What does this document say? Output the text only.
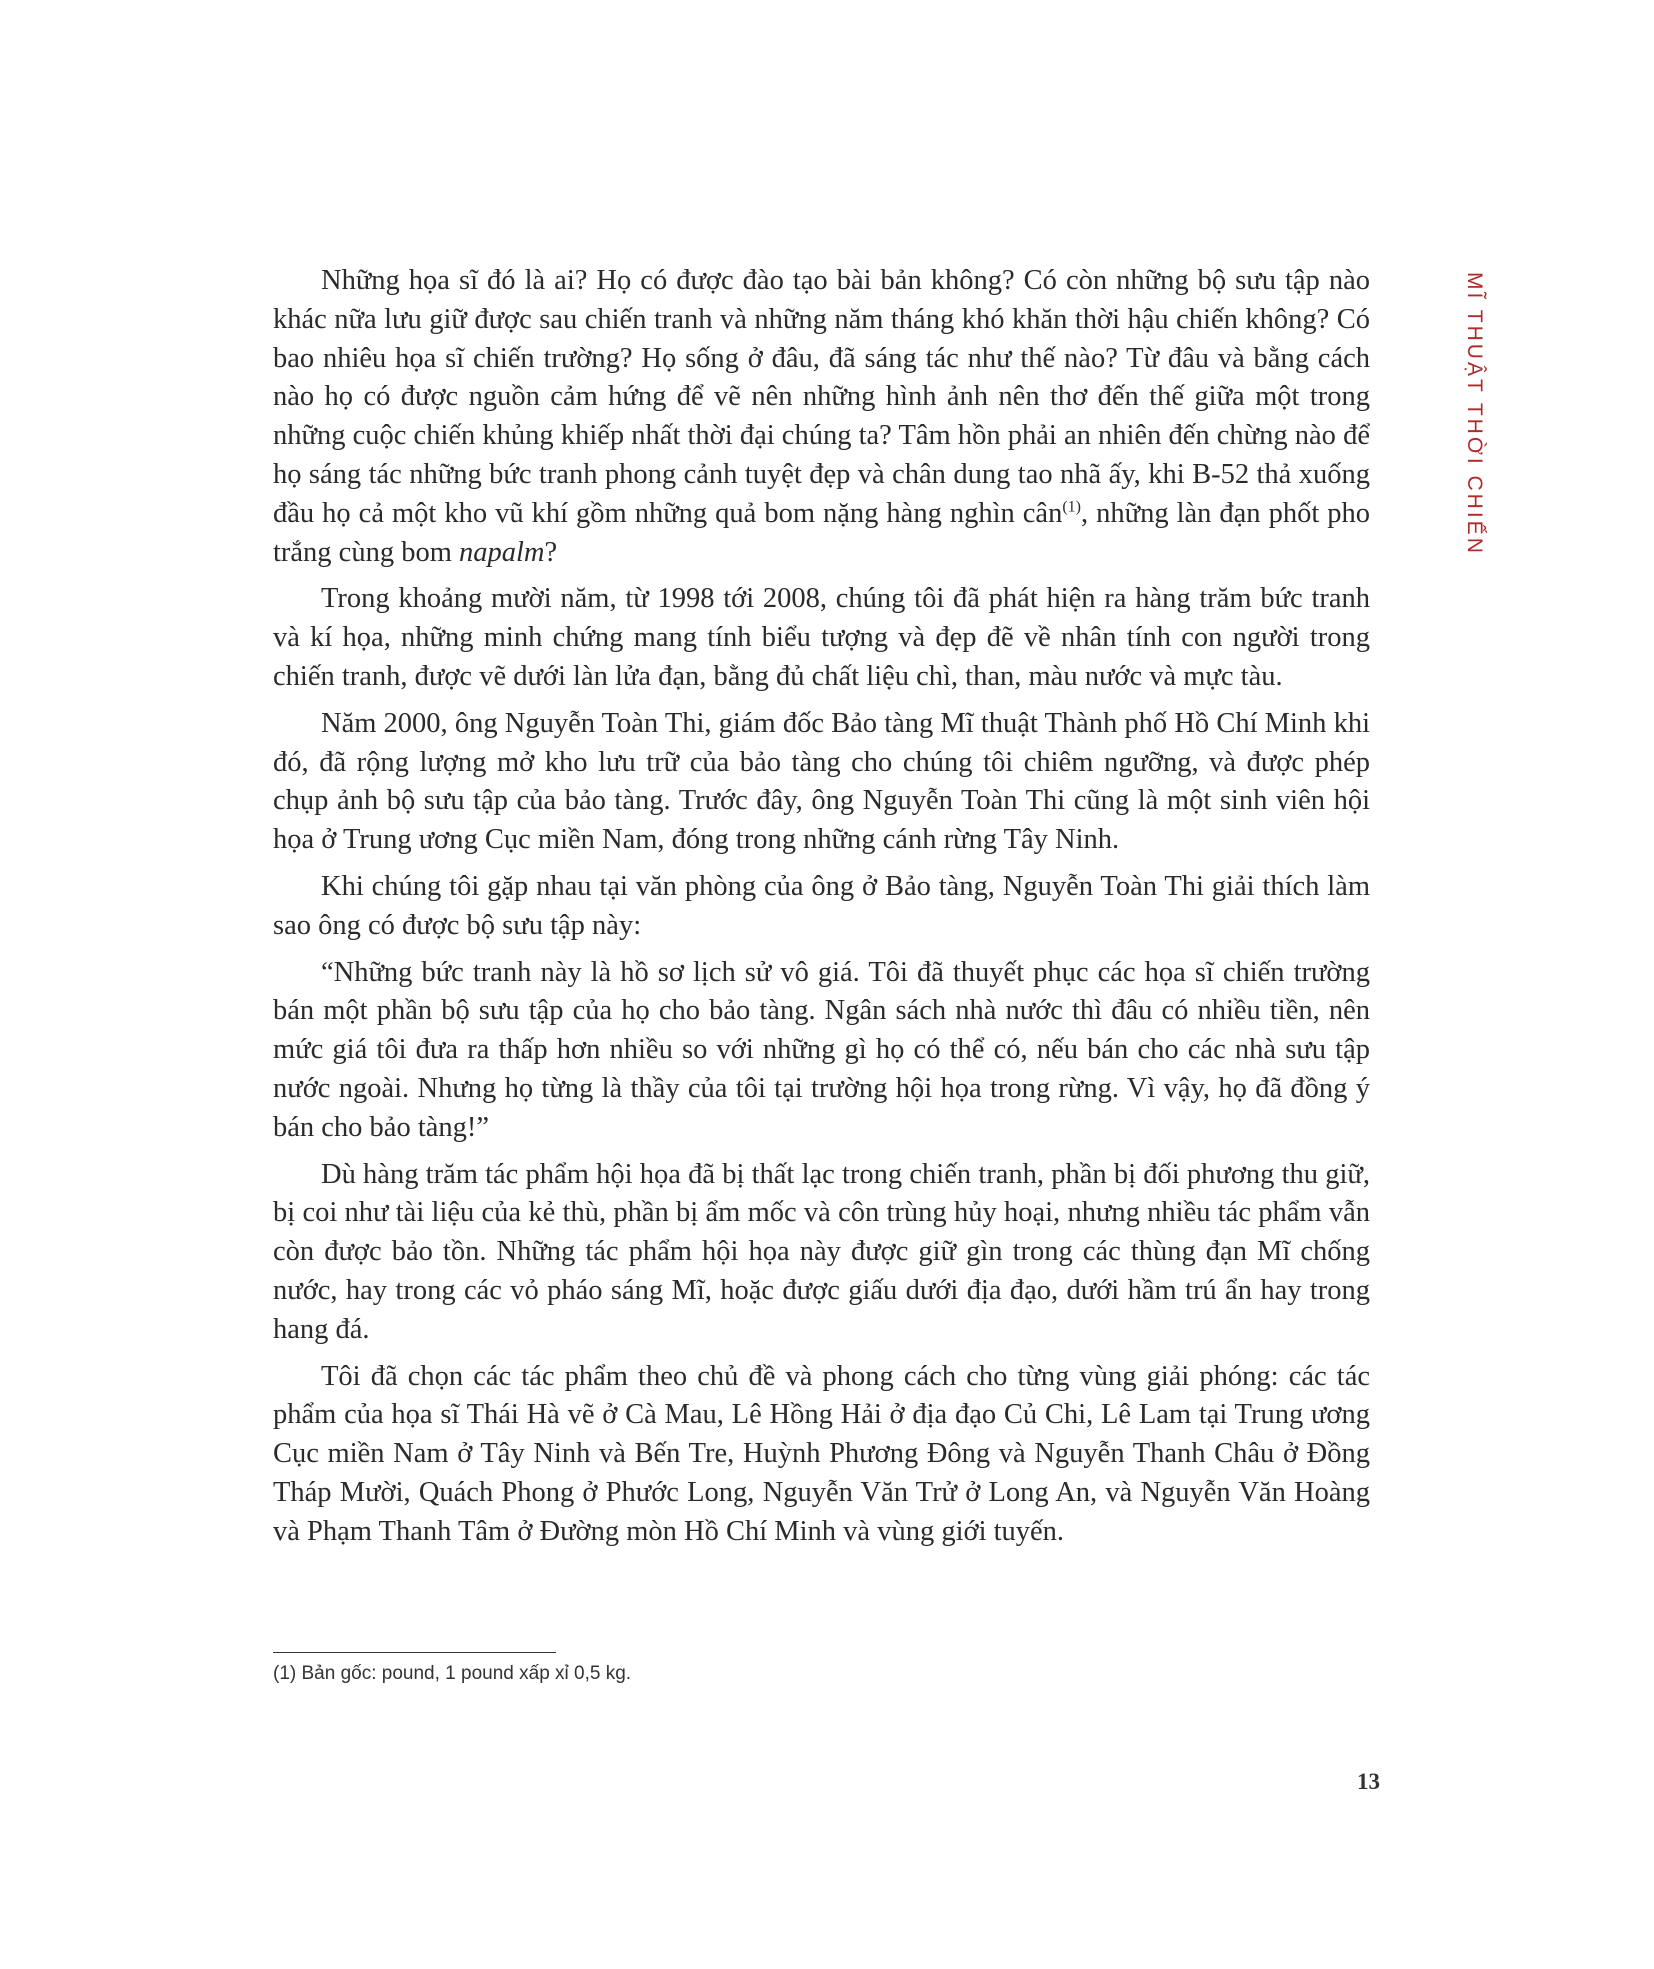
Những họa sĩ đó là ai? Họ có được đào tạo bài bản không? Có còn những bộ sưu tập nào khác nữa lưu giữ được sau chiến tranh và những năm tháng khó khăn thời hậu chiến không? Có bao nhiêu họa sĩ chiến trường? Họ sống ở đâu, đã sáng tác như thế nào? Từ đâu và bằng cách nào họ có được nguồn cảm hứng để vẽ nên những hình ảnh nên thơ đến thế giữa một trong những cuộc chiến khủng khiếp nhất thời đại chúng ta? Tâm hồn phải an nhiên đến chừng nào để họ sáng tác những bức tranh phong cảnh tuyệt đẹp và chân dung tao nhã ấy, khi B-52 thả xuống đầu họ cả một kho vũ khí gồm những quả bom nặng hàng nghìn cân$^{(1)}$, những làn đạn phốt pho trắng cùng bom napalm?

Trong khoảng mười năm, từ 1998 tới 2008, chúng tôi đã phát hiện ra hàng trăm bức tranh và kí họa, những minh chứng mang tính biểu tượng và đẹp đẽ về nhân tính con người trong chiến tranh, được vẽ dưới làn lửa đạn, bằng đủ chất liệu chì, than, màu nước và mực tàu.

Năm 2000, ông Nguyễn Toàn Thi, giám đốc Bảo tàng Mĩ thuật Thành phố Hồ Chí Minh khi đó, đã rộng lượng mở kho lưu trữ của bảo tàng cho chúng tôi chiêm ngưỡng, và được phép chụp ảnh bộ sưu tập của bảo tàng. Trước đây, ông Nguyễn Toàn Thi cũng là một sinh viên hội họa ở Trung ương Cục miền Nam, đóng trong những cánh rừng Tây Ninh.

Khi chúng tôi gặp nhau tại văn phòng của ông ở Bảo tàng, Nguyễn Toàn Thi giải thích làm sao ông có được bộ sưu tập này:

“Những bức tranh này là hồ sơ lịch sử vô giá. Tôi đã thuyết phục các họa sĩ chiến trường bán một phần bộ sưu tập của họ cho bảo tàng. Ngân sách nhà nước thì đâu có nhiều tiền, nên mức giá tôi đưa ra thấp hơn nhiều so với những gì họ có thể có, nếu bán cho các nhà sưu tập nước ngoài. Nhưng họ từng là thầy của tôi tại trường hội họa trong rừng. Vì vậy, họ đã đồng ý bán cho bảo tàng!”

Dù hàng trăm tác phẩm hội họa đã bị thất lạc trong chiến tranh, phần bị đối phương thu giữ, bị coi như tài liệu của kẻ thù, phần bị ẩm mốc và côn trùng hủy hoại, nhưng nhiều tác phẩm vẫn còn được bảo tồn. Những tác phẩm hội họa này được giữ gìn trong các thùng đạn Mĩ chống nước, hay trong các vỏ pháo sáng Mĩ, hoặc được giấu dưới địa đạo, dưới hầm trú ẩn hay trong hang đá.

Tôi đã chọn các tác phẩm theo chủ đề và phong cách cho từng vùng giải phóng: các tác phẩm của họa sĩ Thái Hà vẽ ở Cà Mau, Lê Hồng Hải ở địa đạo Củ Chi, Lê Lam tại Trung ương Cục miền Nam ở Tây Ninh và Bến Tre, Huỳnh Phương Đông và Nguyễn Thanh Châu ở Đồng Tháp Mười, Quách Phong ở Phước Long, Nguyễn Văn Trử ở Long An, và Nguyễn Văn Hoàng và Phạm Thanh Tâm ở Đường mòn Hồ Chí Minh và vùng giới tuyến.

MĨ THUẬT THỜI CHIẾN
(1) Bản gốc: pound, 1 pound xấp xỉ 0,5 kg.
13
